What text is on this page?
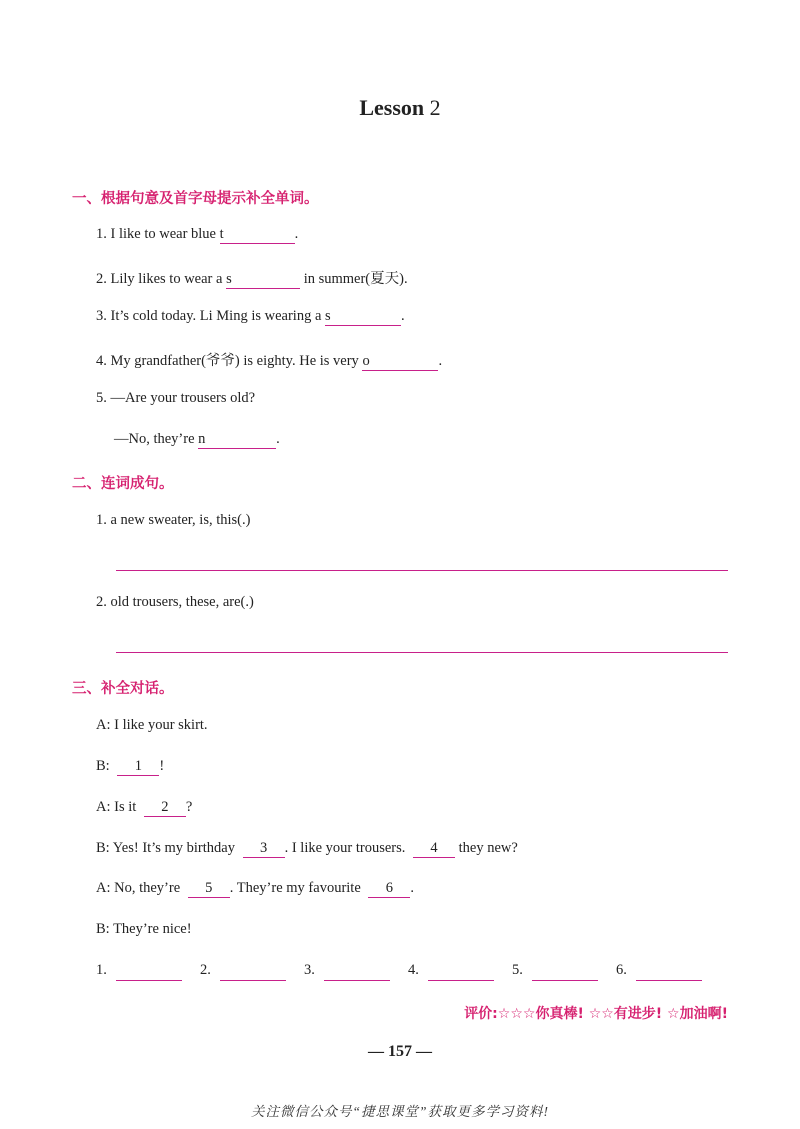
Lesson 2
一、根据句意及首字母提示补全单词。
1. I like to wear blue t	.
2. Lily likes to wear a s	in summer(夏天).
3. It’s cold today. Li Ming is wearing a s	.
4. My grandfather(爷爷) is eighty. He is very o	.
5. —Are your trousers old?
—No, they’re n	.
二、连词成句。
1. a new sweater, is, this(.)
2. old trousers, these, are(.)
三、补全对话。
A: I like your skirt.
B: 1 !
A: Is it 2 ?
B: Yes! It’s my birthday 3 . I like your trousers. 4 they new?
A: No, they’re 5 . They’re my favourite 6 .
B: They’re nice!
1.	2.	3.	4.	5.	6.
评价:☆☆☆你真棒! ☆☆有进步! ☆加油啊!
— 157 —
关注微信公众号“捷思课堂”获取更多学习资料!
